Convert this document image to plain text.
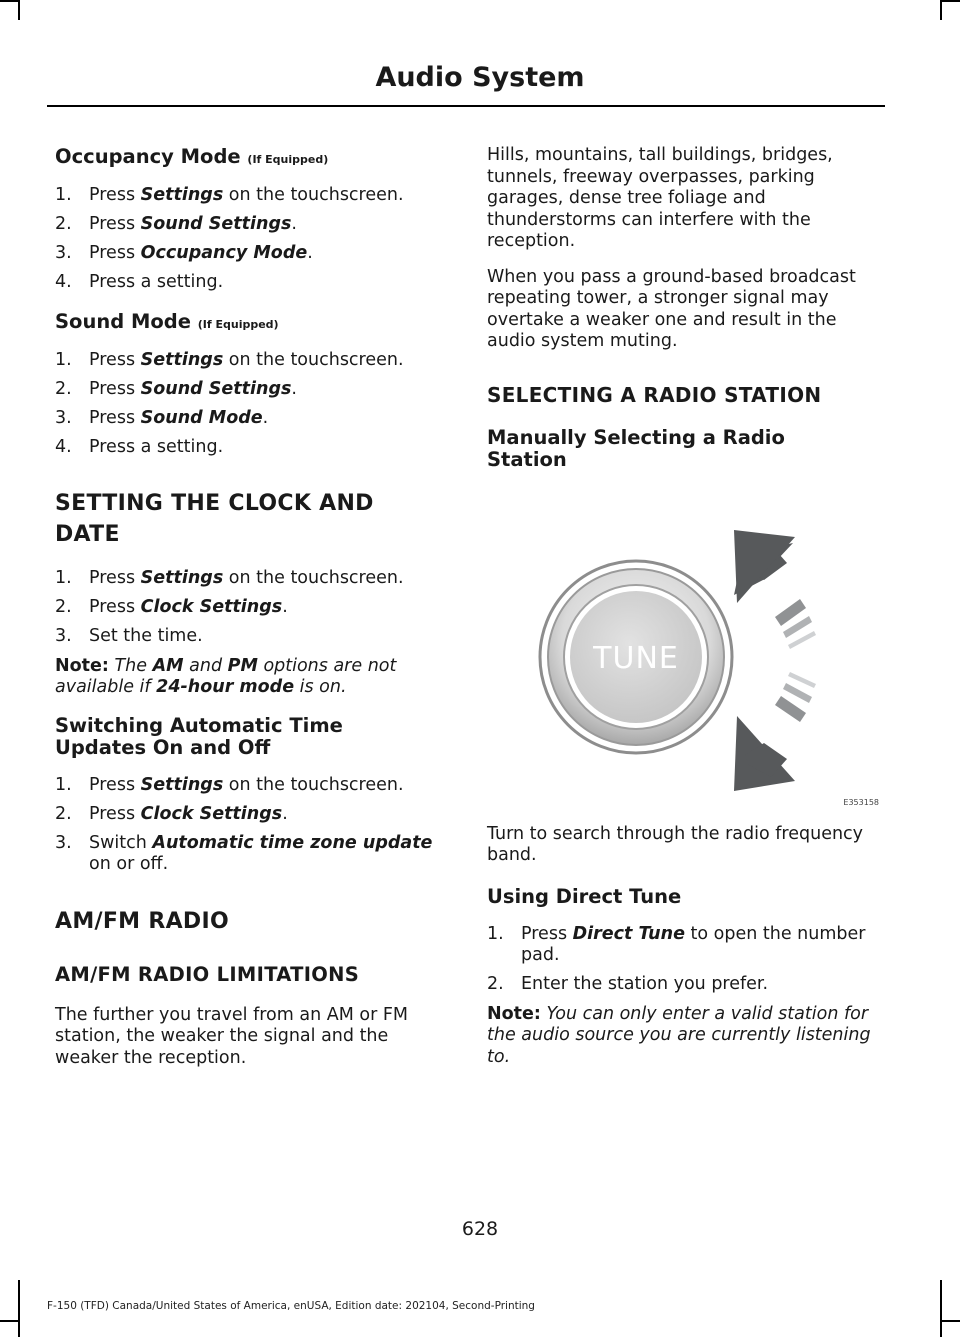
Audio System
Occupancy Mode (If Equipped)
1. Press Settings on the touchscreen.
2. Press Sound Settings.
3. Press Occupancy Mode.
4. Press a setting.
Sound Mode (If Equipped)
1. Press Settings on the touchscreen.
2. Press Sound Settings.
3. Press Sound Mode.
4. Press a setting.
SETTING THE CLOCK AND
DATE
1. Press Settings on the touchscreen.
2. Press Clock Settings.
3. Set the time.

Note: The AM and PM options are not available if 24-hour mode is on.

Switching Automatic Time
Updates On and Off
1. Press Settings on the touchscreen.
2. Press Clock Settings.
3. Switch Automatic time zone update on or off.
AM/FM RADIO
AM/FM RADIO LIMITATIONS

The further you travel from an AM or FM station, the weaker the signal and the weaker the reception.

Hills, mountains, tall buildings, bridges, tunnels, freeway overpasses, parking garages, dense tree foliage and thunderstorms can interfere with the reception.

When you pass a ground-based broadcast repeating tower, a stronger signal may overtake a weaker one and result in the audio system muting.

SELECTING A RADIO STATION
Manually Selecting a Radio
Station
TUNE
E353158

Turn to search through the radio frequency band.

Using Direct Tune
1. Press Direct Tune to open the number pad.
2. Enter the station you prefer.

Note: You can only enter a valid station for the audio source you are currently listening to.

628
F-150 (TFD) Canada/United States of America, enUSA, Edition date: 202104, Second-Printing
